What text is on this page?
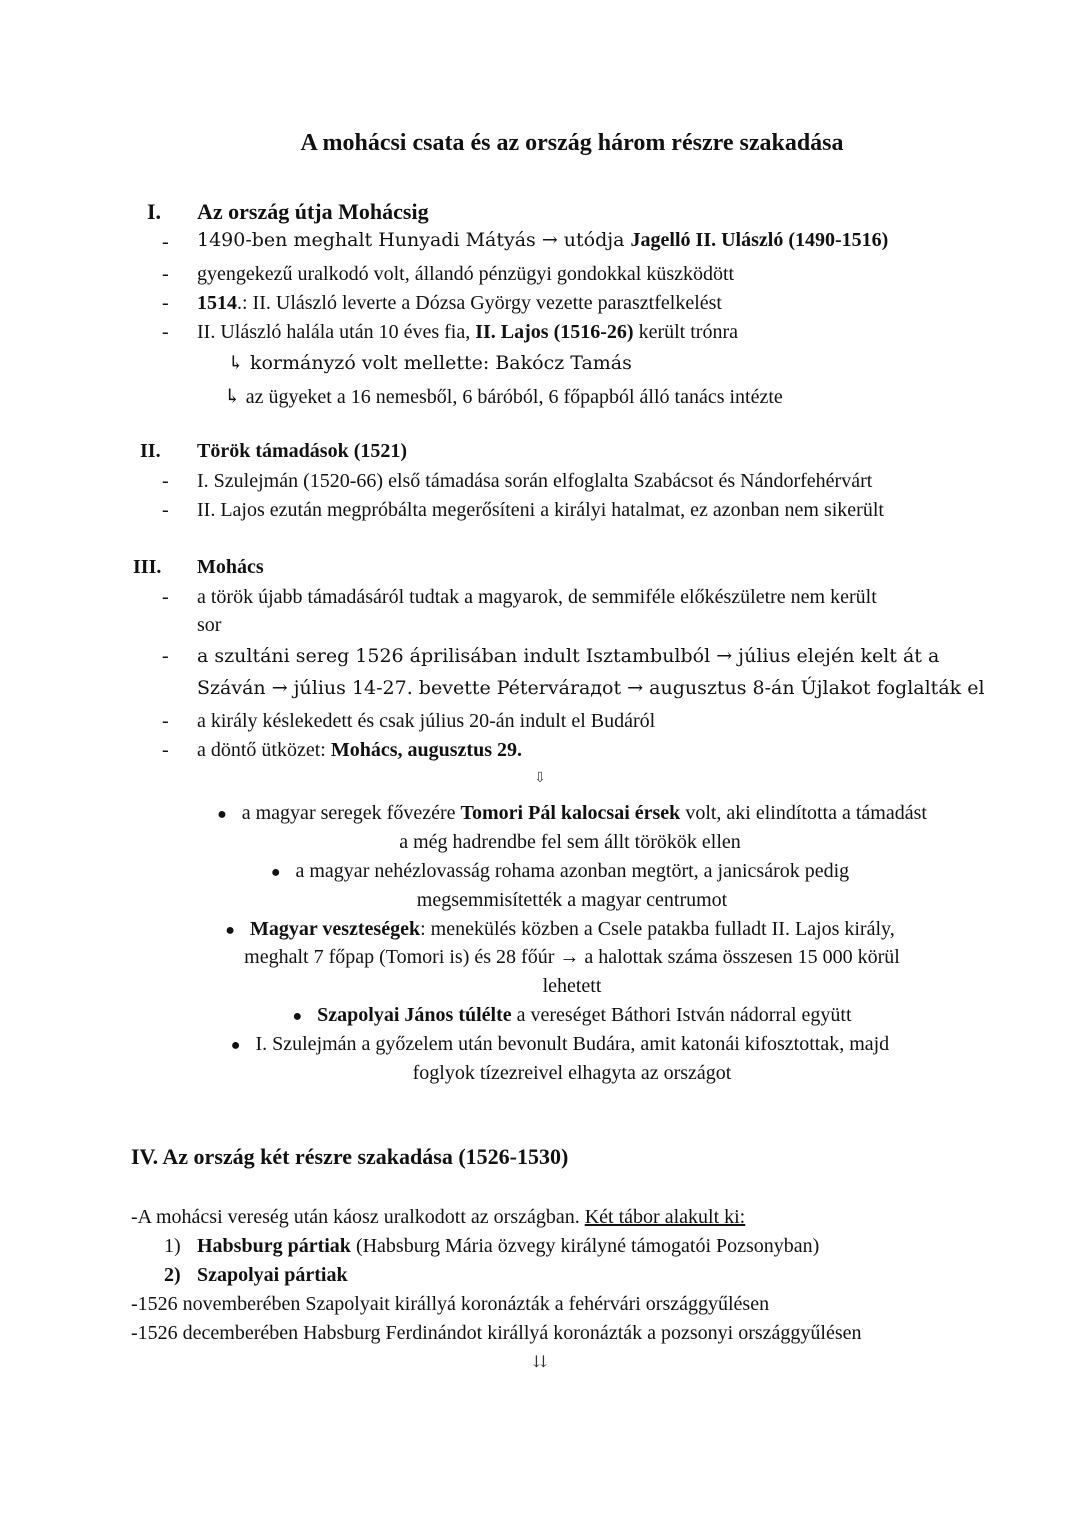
A mohácsi csata és az ország három részre szakadása
I. Az ország útja Mohácsig
- 1490-ben meghalt Hunyadi Mátyás → utódja Jagelló II. Ulászló (1490-1516)
- gyengekezű uralkodó volt, állandó pénzügyi gondokkal küszködött
- 1514.: II. Ulászló leverte a Dózsa György vezette parasztfelkelést
- II. Ulászló halála után 10 éves fia, II. Lajos (1516-26) került trónra
↳ kormányzó volt mellette: Bakócz Tamás
↳ az ügyeket a 16 nemesből, 6 báróból, 6 főpapból álló tanács intézte
II. Török támadások (1521)
- I. Szulejmán (1520-66) első támadása során elfoglalta Szabácsot és Nándorfehérvárt
- II. Lajos ezután megpróbálta megerősíteni a királyi hatalmat, ez azonban nem sikerült
III. Mohács
- a török újabb támadásáról tudtak a magyarok, de semmiféle előkészületre nem került
sor
- a szultáni sereg 1526 áprilisában indult Isztambulból → július elején kelt át a
Száván → július 14-27. bevette Pétervárадot → augusztus 8-án Újlakot foglalták el
- a király késlekedett és csak július 20-án indult el Budáról
- a döntő ütközet: Mohács, augusztus 29.
⇩
● a magyar seregek fővezére Tomori Pál kalocsai érsek volt, aki elindította a támadást
a még hadrendbe fel sem állt törökök ellen
● a magyar nehézlovasság rohama azonban megtört, a janicsárok pedig
megsemmisítették a magyar centrumot
● Magyar veszteségek: menekülés közben a Csele patakba fulladt II. Lajos király,
meghalt 7 főpap (Tomori is) és 28 főúr → a halottak száma összesen 15 000 körül
lehetett
● Szapolyai János túlélte a vereséget Báthori István nádorral együtt
● I. Szulejmán a győzelem után bevonult Budára, amit katonái kifosztottak, majd
foglyok tízezreivel elhagyta az országot
IV. Az ország két részre szakadása (1526-1530)
-A mohácsi vereség után káosz uralkodott az országban. Két tábor alakult ki:
1) Habsburg pártiak (Habsburg Mária özvegy királyné támogatói Pozsonyban)
2) Szapolyai pártiak
-1526 novemberében Szapolyait királlyá koronázták a fehérvári országgyűlésen
-1526 decemberében Habsburg Ferdinándot királlyá koronázták a pozsonyi országgyűlésen
⇊
